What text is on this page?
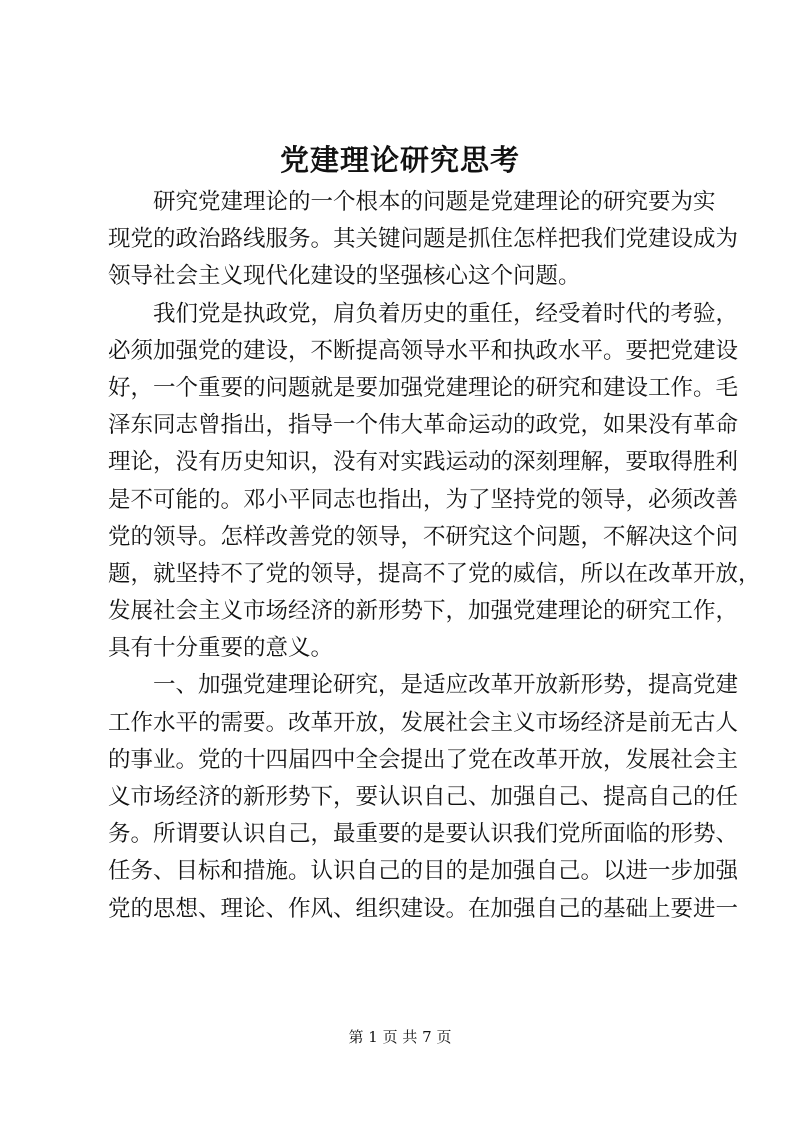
党建理论研究思考
研究党建理论的一个根本的问题是党建理论的研究要为实
现党的政治路线服务。其关键问题是抓住怎样把我们党建设成为
领导社会主义现代化建设的坚强核心这个问题。
我们党是执政党，肩负着历史的重任，经受着时代的考验，
必须加强党的建设，不断提高领导水平和执政水平。要把党建设
好，一个重要的问题就是要加强党建理论的研究和建设工作。毛
泽东同志曾指出，指导一个伟大革命运动的政党，如果没有革命
理论，没有历史知识，没有对实践运动的深刻理解，要取得胜利
是不可能的。邓小平同志也指出，为了坚持党的领导，必须改善
党的领导。怎样改善党的领导，不研究这个问题，不解决这个问
题，就坚持不了党的领导，提高不了党的威信，所以在改革开放，
发展社会主义市场经济的新形势下，加强党建理论的研究工作，
具有十分重要的意义。
一、加强党建理论研究，是适应改革开放新形势，提高党建
工作水平的需要。改革开放，发展社会主义市场经济是前无古人
的事业。党的十四届四中全会提出了党在改革开放，发展社会主
义市场经济的新形势下，要认识自己、加强自己、提高自己的任
务。所谓要认识自己，最重要的是要认识我们党所面临的形势、
任务、目标和措施。认识自己的目的是加强自己。以进一步加强
党的思想、理论、作风、组织建设。在加强自己的基础上要进一
第 1 页 共 7 页
